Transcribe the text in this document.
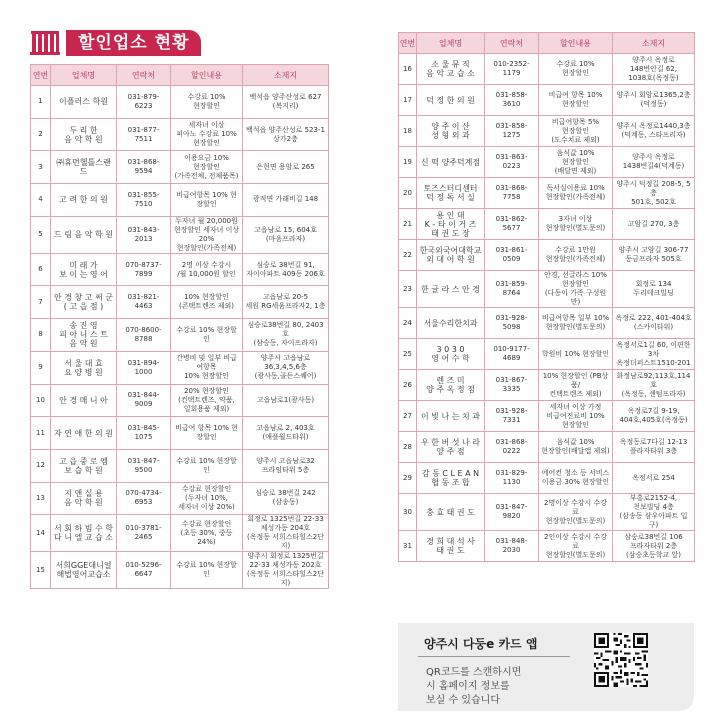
할인업소 현황
연번	업체명	연락처	할인내용	소재지
1	이플러스 학원	031-879-6223	수강료 10%
현장할인	백석읍 양주산성로 627
(복지리)
2	두 리 한
음 악 학 원	031-877-7511	세자녀 이상
피아노 수강료 10%
현장할인	백석읍 양주산성로 523-1
상가2층
3	㈜휴먼헬틀스랜드	031-868-9594	이용요금 10%
현장할인
(가족전체, 전체품목)	은현면 용암로 265
4	고 려 한 의 원	031-855-7510	비급여항목 10% 현장할인	광적면 가래비길 148
5	드 림 음 악 학 원	031-843-2013	두자녀 월 20,000원
현장할인 세자녀 이상 20%
현장할인(가족전체)	고읍남로 15, 604호
(마음프라자)
6	미 래 가
보 이 는 영 어	070-8737-7899	2명 이상 수강시
/월 10,000원 할인	심승로 38번길 91,
자이아파트 409동 206호
7	안 경 창 고 써 군
( 고 읍 점 )	031-821-4463	10% 현장할인
(콘택트렌즈 제외)	고읍남로 20-5
세원 RG세움프라자2, 1층
8	송 진 영
피 아 니 스 트
음 악 원	070-8600-8788	수강료 10% 현장할인	심승로38번길 80, 2403호
(삼승동, 자이프라자)
9	서 울 대 효
요 양 병 원	031-894-1000	간병비 및 일부 비급여항목
10% 현장할인	양주시 고읍남로
36,3,4,5,6층
(광사동,골든스퀘어)
10	안 경 매 니 아	031-844-9009	20% 현장할인
(컨택트렌즈, 약품,
일회용품 제외)	고읍남로1(광사동)
11	자 연 애 한 의 원	031-845-1075	비급여 항목 10% 현장할인	고읍남로 2, 403호
(애플월드타워)
12	고 읍 중 로 엠
보 습 학 원	031-847-9500	수강료 10% 현장할인	양주시 고읍남로32
프라임타워 5층
13	지 앤 실 용
음 악 학 원	070-4734-6953	수강료 현장할인
(두자녀 10%,
세자녀 이상 20%)	심승로 38번길 242
(삼송동)
14	서 회 하 빔 수 학
다 니 엘 교 습 소	010-3781-2465	수강료 현장할인
(초등 30%, 중등 24%)	회정로 1325번길 22-33
체성가동 204호
(옥정동 서희스타힐스2단지)
15	서희GGE대니얼
해법영어교습소	010-5296-6647	수강료 10% 현장할인	양주시 회정로 1325번길
22-33 체성가동 202호
(옥정동 서희스타힐스2단지)
연번	업체명	연락처	할인내용	소재지
16	소 울 뮤 직
음 악 교 습 소	010-2352-1179	수강료 10%
현장할인	양주시 옥정로
148번안길 62,
1038호(옥정동)
17	덕 정 한 의 원	031-858-3610	비급여 항목 10%
현장할인	양주시 회암로1365,2층
(덕정동)
18	양 주 이 산
성 형 외 과	031-858-1275	비급여항목 5%
현장할인
(도수치료 제외)	양주시 옥정로1440,3층
(덕계동, 스타프리자)
19	신 떡 양주덕계점	031-863-0223	음식값 10%
현장할인
(배달면 제외)	양주시 옥정로
1438번길4(덕계동)
20	토즈스터디센터
덕 정 독 서 실	031-868-7758	독서실이용료 10%
현장할인(가족전체)	양주시 덕정길 208-5, 5층
501호, 502호
21	용 인 대
K - 타 이 거 즈
태 권 도 장	031-862-5677	3자녀 이상
현장할인(별도문의)	고암길 270, 3층
22	한국외국어대학교
외 대 어 학 원	031-861-0509	수강료 1만원
현장할인(가족전체)	양주시 고암길 306-77
동금프라자 505호
23	한 글 라 스 안 경	031-859-8764	안경, 선글라스 10%
현장할인
(다동이 가족 구성원만)	회정로 134
두리테크빌딩
24	서울수리한치과	031-928-5098	비급여항목 일부 10%
현장할인(별도문의)	옥정로 222, 401-404호
(스카이타워)
25	3 0 3 0
영 어 수 학	010-9177-4689	학원비 10% 현장할인	옥정서로1길 60, 이편한3차
옥정더퍼스트1510-201
26	렌 즈 미
양 주 옥 정 점	031-867-3335	10% 현장할인 (PB상품/
컨택트렌즈 제외)	화정남로92,113호,114호
(옥정동, 센텀프라자)
27	이 빛 나 는 치 과	031-928-7331	세자녀 이상 가정
비급여진료비 10%
현장할인	옥정로7길 9-19,
404호,405호(옥정동)
28	우 한 버 섯 나 라
양 주 점	031-868-0222	음식값 10%
현장할인(배달앱 제외)	옥정동로7다길 12-13
플라자타워 3층
29	감 동 C L E A N
협 동 조 합	031-829-1130	에어컨 청소 등 서비스
이용금 30% 현장할인	옥정서로 254
30	충 효 태 권 도	031-847-9820	2명이상 수강시 수강료
현장할인(별도문의)	부흥로2152-4,
천보빌딩 4층
(삼송동 삼우아파트 입구)
31	경 희 대 석 사
태 권 도	031-848-2030	2인이상 수강시 수강료
현장할인(별도문의)	삼숭로38번길 106
프라자타워 2층
(삼승초등학교 앞)
양주시 다둥e 카드 앱
QR코드를 스캔하시면
시 홈페이지 정보를
보실 수 있습니다
